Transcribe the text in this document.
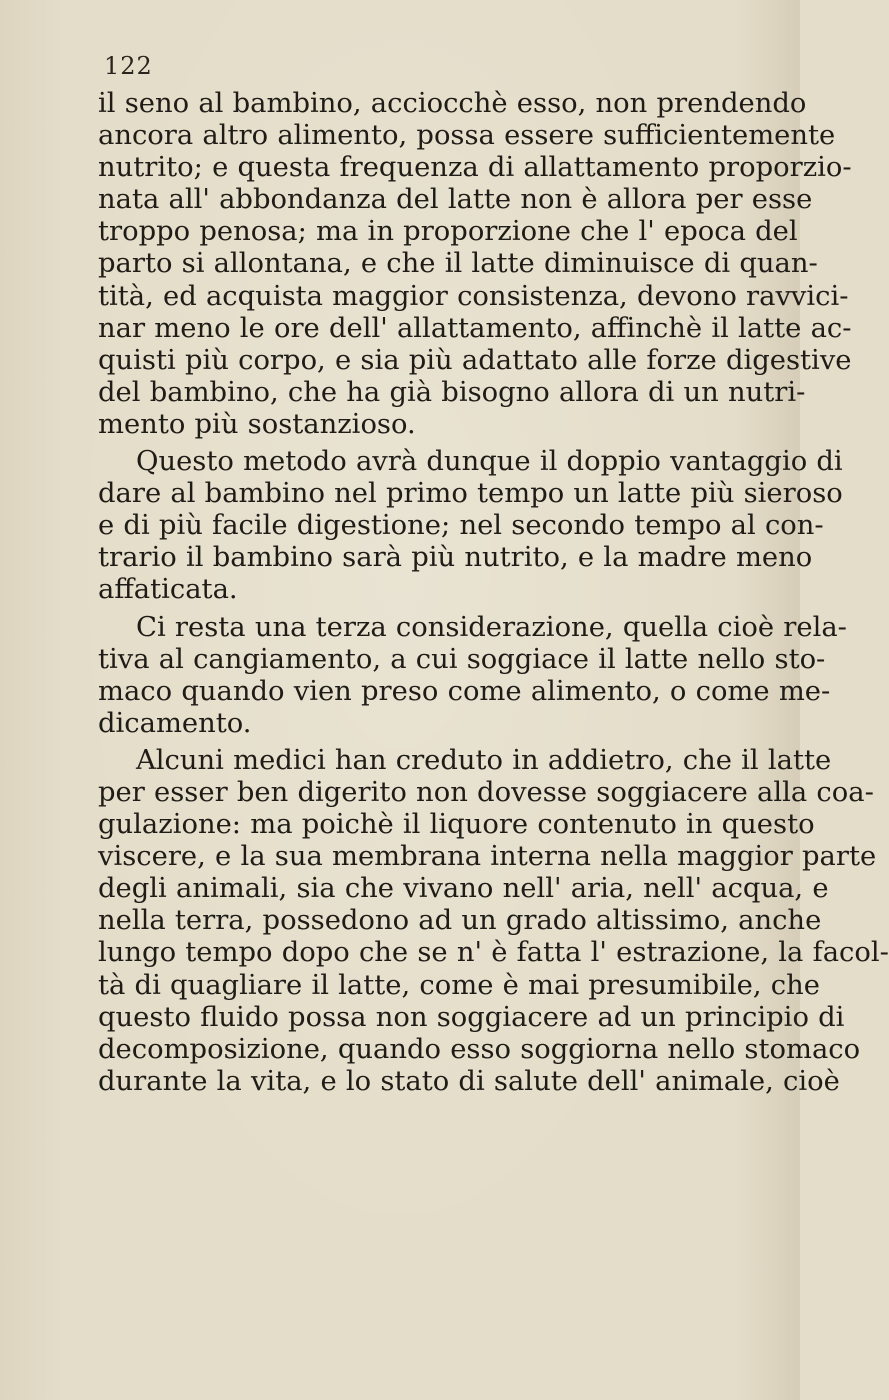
122
il seno al bambino, acciocchè esso, non prendendo
ancora altro alimento, possa essere sufficientemente
nutrito; e questa frequenza di allattamento proporzio-
nata all' abbondanza del latte non è allora per esse
troppo penosa; ma in proporzione che l' epoca del
parto si allontana, e che il latte diminuisce di quan-
tità, ed acquista maggior consistenza, devono ravvici-
nar meno le ore dell' allattamento, affinchè il latte ac-
quisti più corpo, e sia più adattato alle forze digestive
del bambino, che ha già bisogno allora di un nutri-
mento più sostanzioso.
Questo metodo avrà dunque il doppio vantaggio di
dare al bambino nel primo tempo un latte più sieroso
e di più facile digestione; nel secondo tempo al con-
trario il bambino sarà più nutrito, e la madre meno
affaticata.
Ci resta una terza considerazione, quella cioè rela-
tiva al cangiamento, a cui soggiace il latte nello sto-
maco quando vien preso come alimento, o come me-
dicamento.
Alcuni medici han creduto in addietro, che il latte
per esser ben digerito non dovesse soggiacere alla coa-
gulazione: ma poichè il liquore contenuto in questo
viscere, e la sua membrana interna nella maggior parte
degli animali, sia che vivano nell' aria, nell' acqua, e
nella terra, possedono ad un grado altissimo, anche
lungo tempo dopo che se n' è fatta l' estrazione, la facol-
tà di quagliare il latte, come è mai presumibile, che
questo fluido possa non soggiacere ad un principio di
decomposizione, quando esso soggiorna nello stomaco
durante la vita, e lo stato di salute dell' animale, cioè
